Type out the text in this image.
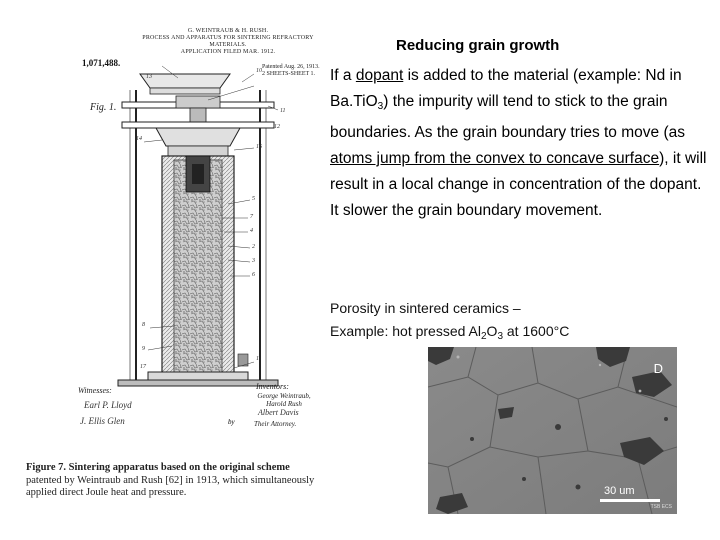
G. WEINTRAUB & H. RUSH.
PROCESS AND APPARATUS FOR SINTERING REFRACTORY MATERIALS.
APPLICATION FILED MAR. 1912.
1,071,488.	Patented Aug. 26, 1913.
2 SHEETS-SHEET 1.
Fig. 1.
13
10
11
12
14
16
5
7
4
2
3
6
8
17
1
9
Witnesses:
Earl P. Lloyd
J. Ellis Glen
Inventors:
George Weintraub,
Harold Rush
Albert Davis
by	Their Attorney.
Figure 7. Sintering apparatus based on the original scheme patented by Weintraub and Rush [62] in 1913, which simultaneously applied direct Joule heat and pressure.
Reducing grain growth

If a dopant is added to the material (example: Nd in Ba.TiO$_3$) the impurity will tend to stick to the grain boundaries. As the grain boundary tries to move (as atoms jump from the convex to concave surface), it will result in a local change in concentration of the dopant.

It slower the grain boundary movement.

Porosity in sintered ceramics –
Example: hot pressed $Al_2O_3$ at 1600°C
D
30 um
TSB ECS
